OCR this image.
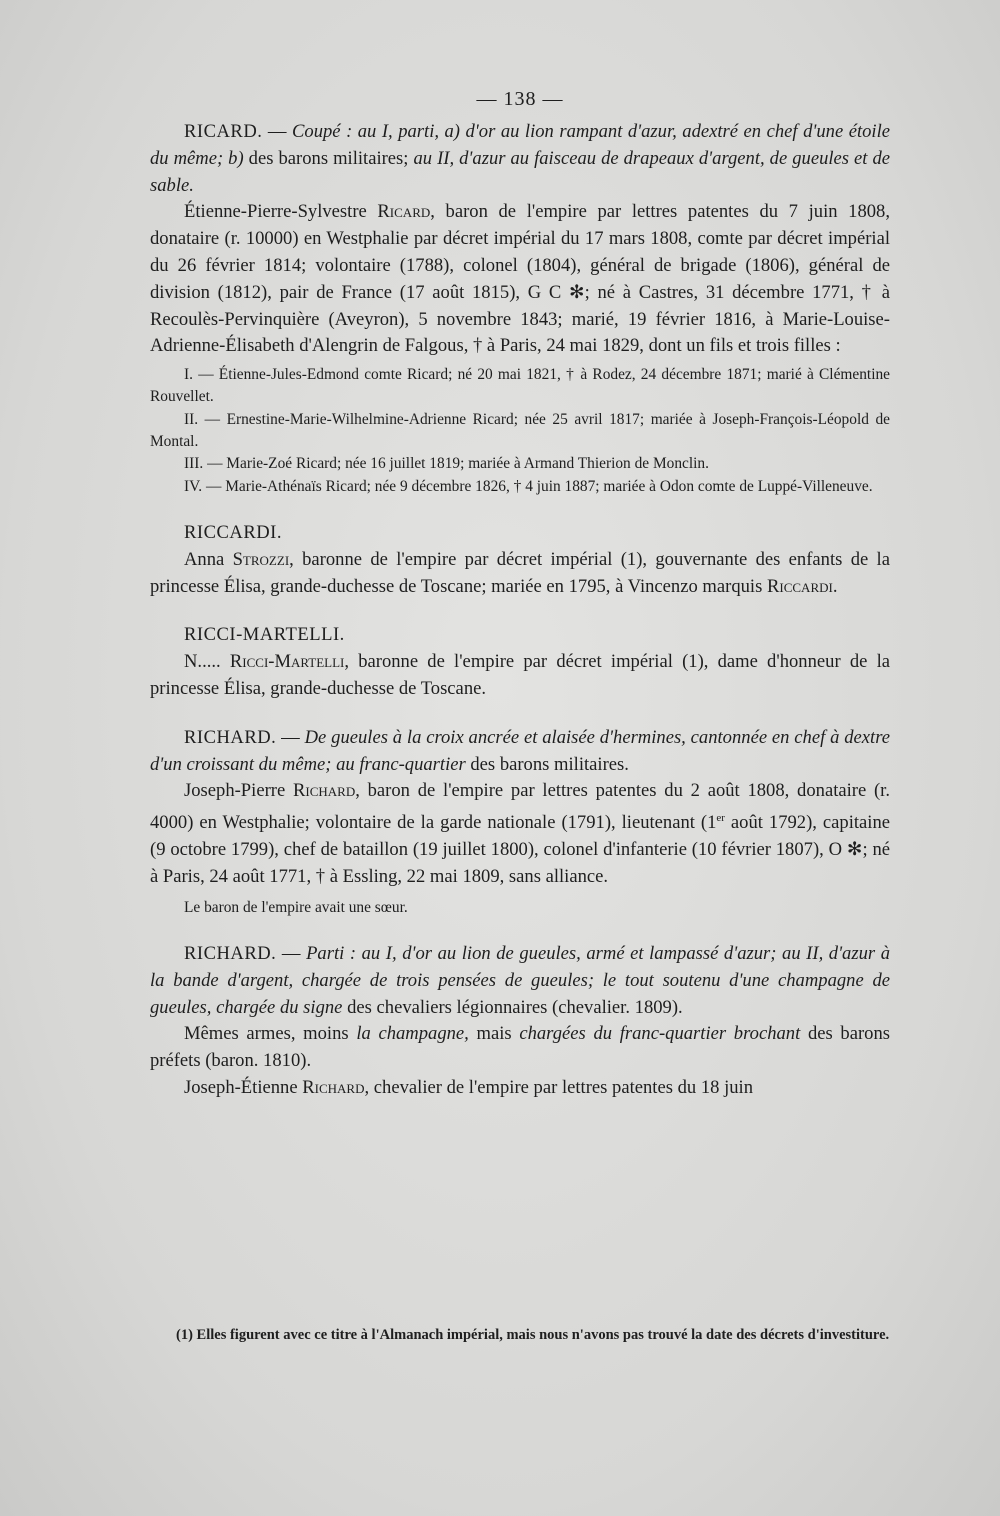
— 138 —

RICARD. — Coupé : au I, parti, a) d'or au lion rampant d'azur, adextré en chef d'une étoile du même; b) des barons militaires; au II, d'azur au faisceau de drapeaux d'argent, de gueules et de sable.

Étienne-Pierre-Sylvestre Ricard, baron de l'empire par lettres patentes du 7 juin 1808, donataire (r. 10000) en Westphalie par décret impérial du 17 mars 1808, comte par décret impérial du 26 février 1814; volontaire (1788), colonel (1804), général de brigade (1806), général de division (1812), pair de France (17 août 1815), G C ✻; né à Castres, 31 décembre 1771, † à Recoulès-Pervinquière (Aveyron), 5 novembre 1843; marié, 19 février 1816, à Marie-Louise-Adrienne-Élisabeth d'Alengrin de Falgous, † à Paris, 24 mai 1829, dont un fils et trois filles :

I. — Étienne-Jules-Edmond comte Ricard; né 20 mai 1821, † à Rodez, 24 décembre 1871; marié à Clémentine Rouvellet.

II. — Ernestine-Marie-Wilhelmine-Adrienne Ricard; née 25 avril 1817; mariée à Joseph-François-Léopold de Montal.

III. — Marie-Zoé Ricard; née 16 juillet 1819; mariée à Armand Thierion de Monclin.

IV. — Marie-Athénaïs Ricard; née 9 décembre 1826, † 4 juin 1887; mariée à Odon comte de Luppé-Villeneuve.

RICCARDI.

Anna Strozzi, baronne de l'empire par décret impérial (1), gouvernante des enfants de la princesse Élisa, grande-duchesse de Toscane; mariée en 1795, à Vincenzo marquis Riccardi.

RICCI-MARTELLI.

N..... Ricci-Martelli, baronne de l'empire par décret impérial (1), dame d'honneur de la princesse Élisa, grande-duchesse de Toscane.

RICHARD. — De gueules à la croix ancrée et alaisée d'hermines, cantonnée en chef à dextre d'un croissant du même; au franc-quartier des barons militaires.

Joseph-Pierre Richard, baron de l'empire par lettres patentes du 2 août 1808, donataire (r. 4000) en Westphalie; volontaire de la garde nationale (1791), lieutenant (1er août 1792), capitaine (9 octobre 1799), chef de bataillon (19 juillet 1800), colonel d'infanterie (10 février 1807), O ✻; né à Paris, 24 août 1771, † à Essling, 22 mai 1809, sans alliance.

Le baron de l'empire avait une sœur.

RICHARD. — Parti : au I, d'or au lion de gueules, armé et lampassé d'azur; au II, d'azur à la bande d'argent, chargée de trois pensées de gueules; le tout soutenu d'une champagne de gueules, chargée du signe des chevaliers légionnaires (chevalier. 1809).

Mêmes armes, moins la champagne, mais chargées du franc-quartier brochant des barons préfets (baron. 1810).

Joseph-Étienne Richard, chevalier de l'empire par lettres patentes du 18 juin

(1) Elles figurent avec ce titre à l'Almanach impérial, mais nous n'avons pas trouvé la date des décrets d'investiture.
